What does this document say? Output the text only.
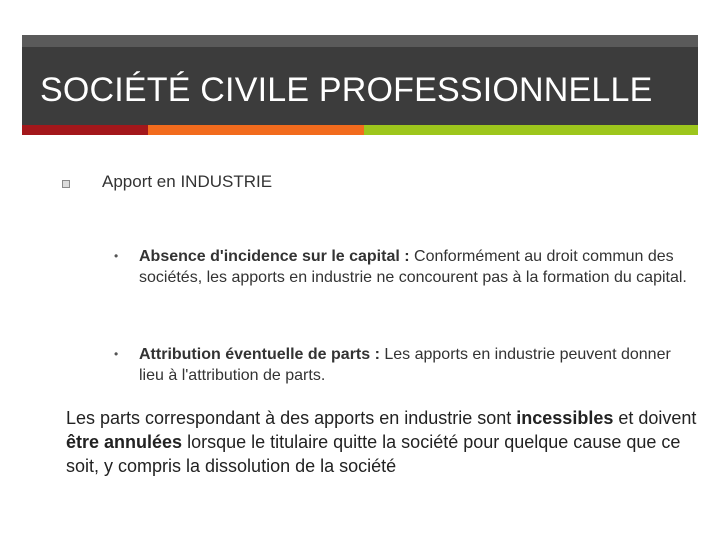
SOCIÉTÉ CIVILE PROFESSIONNELLE
Apport en INDUSTRIE
• Absence d'incidence sur le capital : Conformément au droit commun des sociétés, les apports en industrie ne concourent pas à la formation du capital.
• Attribution éventuelle de parts : Les apports en industrie peuvent donner lieu à l'attribution de parts.
Les parts correspondant à des apports en industrie sont incessibles et doivent être annulées lorsque le titulaire quitte la société pour quelque cause que ce soit, y compris la dissolution de la société
